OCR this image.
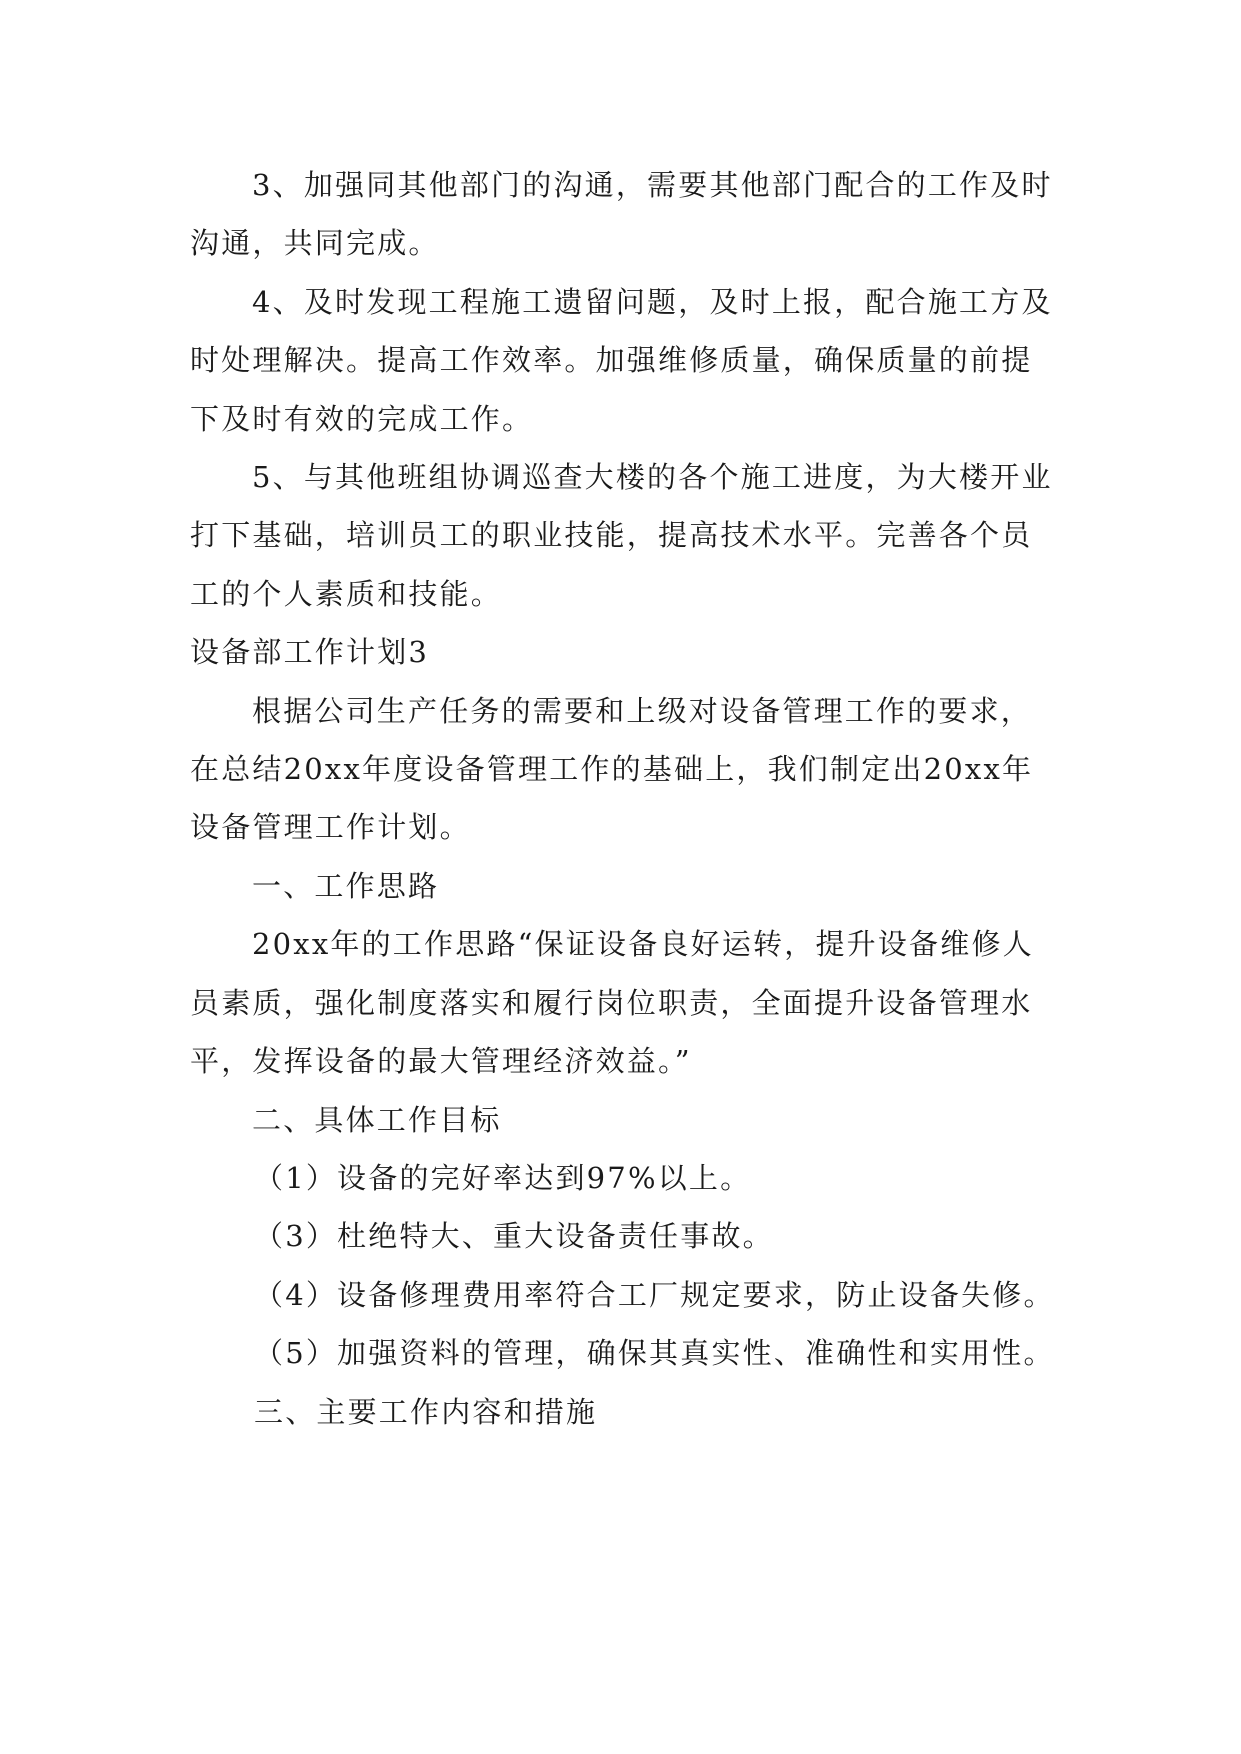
3、加强同其他部门的沟通，需要其他部门配合的工作及时沟通，共同完成。

4、及时发现工程施工遗留问题，及时上报，配合施工方及时处理解决。提高工作效率。加强维修质量，确保质量的前提下及时有效的完成工作。

5、与其他班组协调巡查大楼的各个施工进度，为大楼开业打下基础，培训员工的职业技能，提高技术水平。完善各个员工的个人素质和技能。

设备部工作计划3

根据公司生产任务的需要和上级对设备管理工作的要求，在总结20xx年度设备管理工作的基础上，我们制定出20xx年设备管理工作计划。

一、工作思路

20xx年的工作思路“保证设备良好运转，提升设备维修人员素质，强化制度落实和履行岗位职责，全面提升设备管理水平，发挥设备的最大管理经济效益。”

二、具体工作目标

（1）设备的完好率达到97%以上。

（3）杜绝特大、重大设备责任事故。

（4）设备修理费用率符合工厂规定要求，防止设备失修。

（5）加强资料的管理，确保其真实性、准确性和实用性。

三、主要工作内容和措施
